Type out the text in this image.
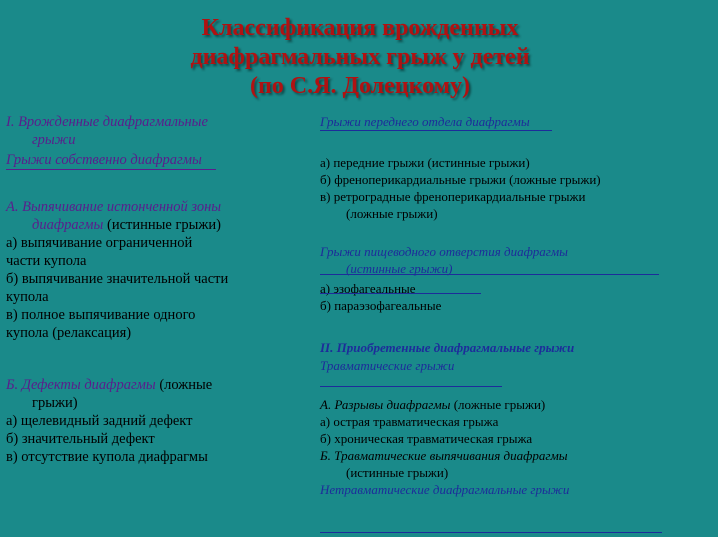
Классификация врожденных
диафрагмальных грыж у детей
(по С.Я. Долецкому)
I. Врожденные диафрагмальные
грыжи
Грыжи собственно диафрагмы
А. Выпячивание истонченной зоны
диафрагмы (истинные грыжи)
а) выпячивание ограниченной
части купола
б) выпячивание значительной части
купола
в) полное выпячивание одного
купола (релаксация)
Б. Дефекты диафрагмы (ложные
грыжи)
а) щелевидный задний дефект
б) значительный дефект
в) отсутствие купола диафрагмы
Грыжи переднего отдела диафрагмы
а) передние грыжи (истинные грыжи)
б) френоперикардиальные грыжи (ложные грыжи)
в) ретроградные френоперикардиальные грыжи
(ложные грыжи)
Грыжи пищеводного отверстия диафрагмы
(истинные грыжи)
а) эзофагеальные
б) параэзофагеальные
II. Приобретенные диафрагмальные грыжи
Травматические грыжи
А. Разрывы диафрагмы (ложные грыжи)
а) острая травматическая грыжа
б) хроническая травматическая грыжа
Б. Травматические выпячивания диафрагмы
(истинные грыжи)
Нетравматические диафрагмальные грыжи
